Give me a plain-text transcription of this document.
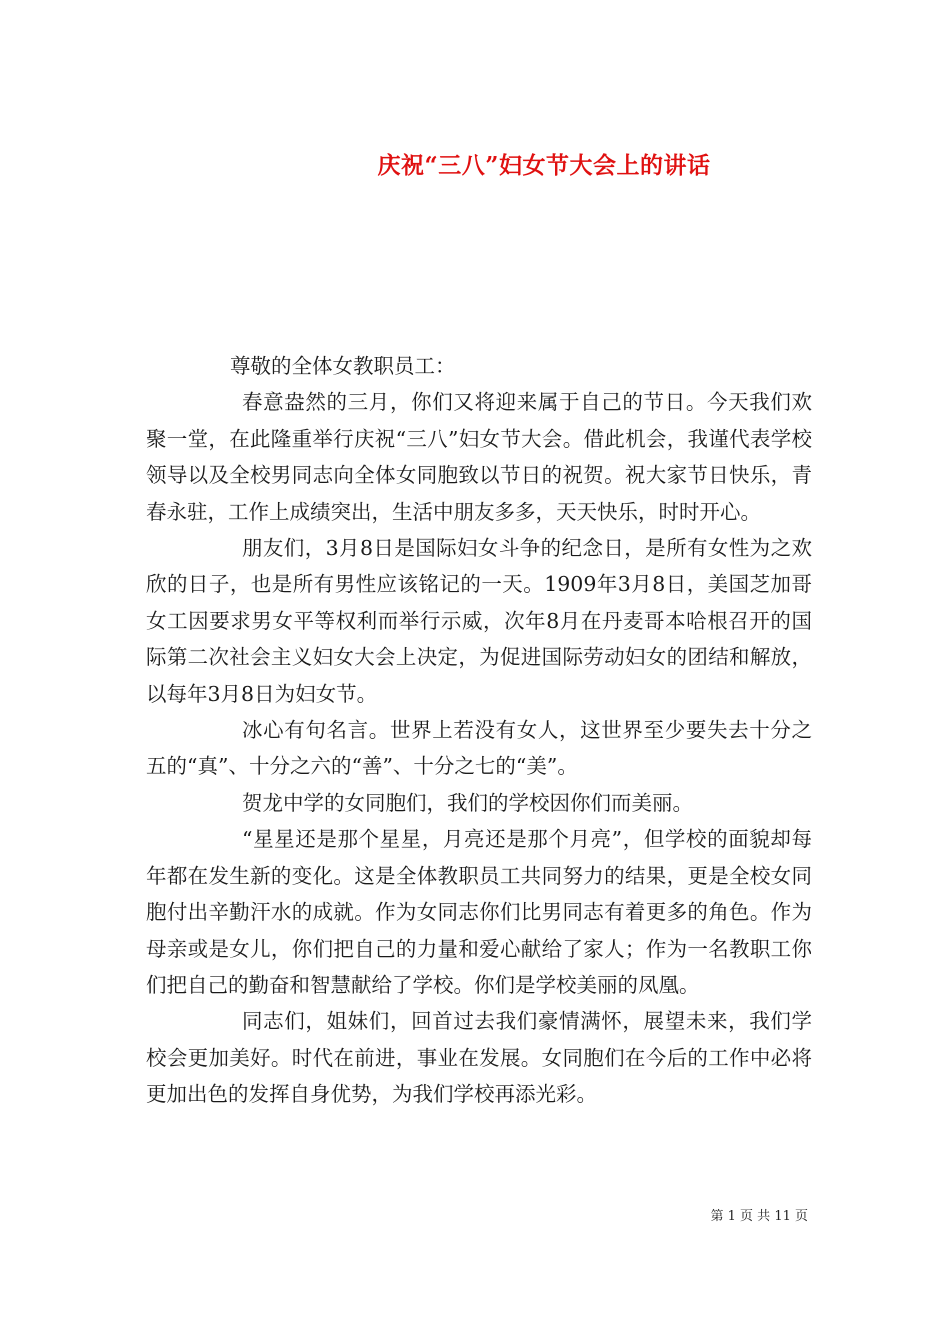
庆祝“三八”妇女节大会上的讲话

尊敬的全体女教职员工：

春意盎然的三月，你们又将迎来属于自己的节日。今天我们欢聚一堂，在此隆重举行庆祝“三八”妇女节大会。借此机会，我谨代表学校领导以及全校男同志向全体女同胞致以节日的祝贺。祝大家节日快乐，青春永驻，工作上成绩突出，生活中朋友多多，天天快乐，时时开心。

朋友们，3月8日是国际妇女斗争的纪念日，是所有女性为之欢欣的日子，也是所有男性应该铭记的一天。1909年3月8日，美国芝加哥女工因要求男女平等权利而举行示威，次年8月在丹麦哥本哈根召开的国际第二次社会主义妇女大会上决定，为促进国际劳动妇女的团结和解放，以每年3月8日为妇女节。

冰心有句名言。世界上若没有女人，这世界至少要失去十分之五的“真”、十分之六的“善”、十分之七的“美”。

贺龙中学的女同胞们，我们的学校因你们而美丽。

“星星还是那个星星，月亮还是那个月亮”，但学校的面貌却每年都在发生新的变化。这是全体教职员工共同努力的结果，更是全校女同胞付出辛勤汗水的成就。作为女同志你们比男同志有着更多的角色。作为母亲或是女儿，你们把自己的力量和爱心献给了家人；作为一名教职工你们把自己的勤奋和智慧献给了学校。你们是学校美丽的凤凰。

同志们，姐妹们，回首过去我们豪情满怀，展望未来，我们学校会更加美好。时代在前进，事业在发展。女同胞们在今后的工作中必将更加出色的发挥自身优势，为我们学校再添光彩。

第 1 页 共 11 页
